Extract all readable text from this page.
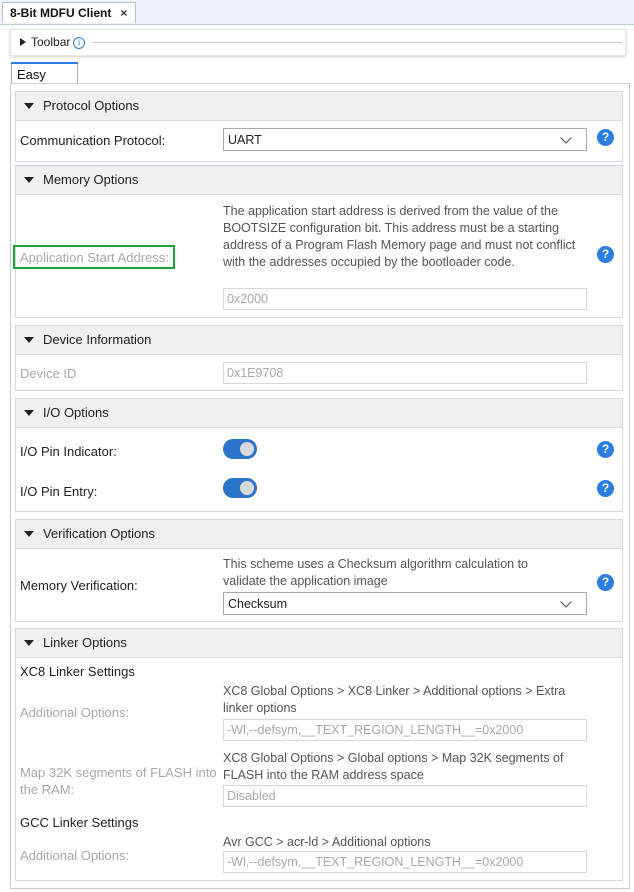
8-Bit MDFU Client ×
Toolbar i
Easy
Protocol Options
Communication Protocol:	UART	?
Memory Options
The application start address is derived from the value of the BOOTSIZE configuration bit. This address must be a starting address of a Program Flash Memory page and must not conflict with the addresses occupied by the bootloader code.
Application Start Address:
0x2000
?
Device Information
Device ID	0x1E9708
I/O Options
I/O Pin Indicator:	?
I/O Pin Entry:	?
Verification Options
This scheme uses a Checksum algorithm calculation to validate the application image
Memory Verification:
Checksum
?
Linker Options
XC8 Linker Settings
XC8 Global Options > XC8 Linker > Additional options > Extra linker options
Additional Options:
-Wl,--defsym,__TEXT_REGION_LENGTH__=0x2000
XC8 Global Options > Global options > Map 32K segments of FLASH into the RAM address space
Map 32K segments of FLASH into the RAM:	Disabled
GCC Linker Settings
Avr GCC > acr-ld > Additional options
Additional Options:	-Wl,--defsym,__TEXT_REGION_LENGTH__=0x2000
